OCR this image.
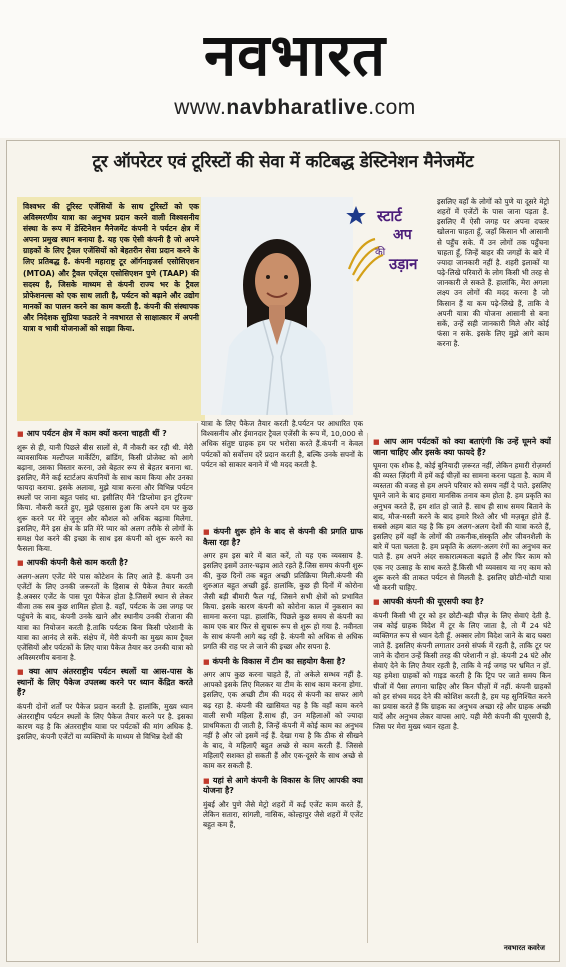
नवभारत
www.navbharatlive.com
टूर ऑपरेटर एवं टूरिस्टों की सेवा में कटिबद्ध डेस्टिनेशन मैनेजमेंट
विश्वभर की टूरिस्ट एजेंसियों के साथ टूरिस्टों को एक अविस्मरणीय यात्रा का अनुभव प्रदान करने वाली विश्वसनीय संस्था के रूप में डेस्टिनेशन मैनेजमेंट कंपनी ने पर्यटन क्षेत्र में अपना प्रमुख स्थान बनाया है. यह एक ऐसी कंपनी है जो अपने ग्राहकों के लिए ट्रैवल एजेंसियों को बेहतरीन सेवा प्रदान करने के लिए प्रतिबद्ध है. कंपनी महाराष्ट्र टूर ऑर्गनाइजर्स एसोसिएशन (MTOA) और ट्रैवल एजेंट्स एसोसिएशन पुणे (TAAP) की सदस्य है, जिसके माध्यम से कंपनी राज्य भर के ट्रैवल प्रोफेशनल्स को एक साथ लाती है, पर्यटन को बढ़ाने और उद्योग मानकों का पालन करने का काम करती है. कंपनी की संस्थापक और निदेशक सुप्रिया फडतरे ने नवभारत से साक्षात्कार में अपनी यात्रा व भावी योजनाओं को साझा किया.
स्टार्ट
अप
की
उड़ान
यात्रा के लिए पैकेज तैयार करती है.पर्यटन पर आधारित एक विश्वसनीय और ईमानदार ट्रैवल एजेंसी के रूप में, 10,000 से अधिक संतुष्ट ग्राहक हम पर भरोसा करते हैं.कंपनी न केवल पर्यटकों को सर्वोत्तम दरें प्रदान करती है, बल्कि उनके सपनों के पर्यटन को साकार बनाने में भी मदद करती है.
इसलिए वहाँ के लोगों को पुणे या दूसरे मेट्रो शहरों में एजेंटों के पास जाना पड़ता है. इसलिए मैं ऐसी जगह पर अपना दफ्तर खोलना चाहता हूँ, जहाँ किसान भी आसानी से पहुँच सके. मैं उन लोगों तक पहुँचना चाहता हूँ, जिन्हें बाहर की जगहों के बारे में ज्यादा जानकारी नहीं है. शहरी इलाकों या पढ़े-लिखे परिवारों के लोग किसी भी तरह से जानकारी ले सकते हैं. हालांकि, मेरा अगला लक्ष्य उन लोगों की मदद करना है जो किसान हैं या कम पढ़े-लिखे हैं, ताकि वे अपनी यात्रा की योजना आसानी से बना सकें, उन्हें सही जानकारी मिले और कोई फंसा न सके. इसके लिए मुझे आगे काम करना है.
■ आप पर्यटन क्षेत्र में काम क्यों करना चाहती थीं ?

शुरू से ही, यानी पिछले बीस सालों से, मैं नौकरी कर रही थी. मेरी व्यावसायिक मल्टीपल मार्केटिंग, ब्रांडिंग, किसी प्रोजेक्ट को आगे बढ़ाना, उसका विस्तार करना, उसे बेहतर रूप से बेहतर बनाना था. इसलिए, मैंने कई स्टार्टअप कंपनियों के साथ काम किया और उनका फायदा कराया. इसके अलावा, मुझे यात्रा करना और विभिन्न पर्यटन स्थलों पर जाना बहुत पसंद था. इसीलिए मैंने 'डिप्लोमा इन टूरिज्म' किया. नौकरी करते हुए, मुझे एहसास हुआ कि अपने दम पर कुछ शुरू करने पर मेरे जुनून और कौशल को अधिक बढ़ावा मिलेगा. इसलिए, मैंने इस क्षेत्र के प्रति मेरे प्यार को अलग तरीके से लोगों के समक्ष पेश करने की इच्छा के साथ इस कंपनी को शुरू करने का फैसला किया.

■ आपकी कंपनी कैसे काम करती है?

अलग-अलग एजेंट मेरे पास कोटेशन के लिए आते हैं. कंपनी उन एजेंटों के लिए उनकी जरूरतों के हिसाब से पैकेज तैयार करती है.अक्सर एजेंट के पास पूरा पैकेज होता है.जिसमें स्थान से लेकर वीजा तक सब कुछ शामिल होता है. वहाँ, पर्यटक के उस जगह पर पहुंचने के बाद, कंपनी उनके खाने और स्थानीय उनकी रोजाना की यात्रा का नियोजन करती है.ताकि पर्यटक बिना किसी परेशानी के यात्रा का आनंद ले सकें. संक्षेप में, मेरी कंपनी का मुख्य काम ट्रैवल एजेंसियों और पर्यटकों के लिए यात्रा पैकेज तैयार कर उनकी यात्रा को अविस्मरणीय बनाना है.

■ क्या आप अंतरराष्ट्रीय पर्यटन स्थलों या आस-पास के स्थानों के लिए पैकेज उपलब्ध करने पर ध्यान केंद्रित करते हैं?

कंपनी दोनों शर्तों पर पैकेज प्रदान करती है. हालांकि, मुख्य ध्यान अंतरराष्ट्रीय पर्यटन स्थलों के लिए पैकेज तैयार करने पर है. इसका कारण यह है कि अंतरराष्ट्रीय यात्रा पर पर्यटकों की मांग अधिक है. इसलिए, कंपनी एजेंटों या व्यक्तियों के माध्यम से विभिन्न देशों की

■ कंपनी शुरू होने के बाद से कंपनी की प्रगति ग्राफ कैसा रहा है?

अगर हम इस बारे में बात करें, तो यह एक व्यवसाय है. इसलिए इसमें उतार-चढ़ाव आते रहते हैं.जिस समय कंपनी शुरू की, कुछ दिनों तक बहुत अच्छी प्रतिक्रिया मिली.कंपनी की शुरुआत बहुत अच्छी हुई. हालांकि, कुछ ही दिनों में कोरोना जैसी बड़ी बीमारी फैल गई, जिसने सभी क्षेत्रों को प्रभावित किया. इसके कारण कंपनी को कोरोना काल में नुकसान का सामना करना पड़ा. हालांकि, पिछले कुछ समय से कंपनी का काम एक बार फिर से सुचारू रूप से शुरू हो गया है. नवीनता के साथ कंपनी आगे बढ़ रही है. कंपनी को अधिक से अधिक प्रगति की राह पर ले जाने की इच्छा और सपना है.

■ कंपनी के विकास में टीम का सहयोग कैसा है?

अगर आप कुछ करना चाहते हैं, तो अकेले सम्भव नहीं है. आपको इसके लिए मिलकर या टीम के साथ काम करना होगा. इसलिए, एक अच्छी टीम की मदद से कंपनी का सफर आगे बढ़ रहा है. कंपनी की खासियत यह है कि वहाँ काम करने वाली सभी महिला हैं.साथ ही, उन महिलाओं को ज्यादा प्राथमिकता दी जाती है, जिन्हें कंपनी में कोई काम का अनुभव नहीं है और जो इसमें नई हैं. देखा गया है कि ठीक से सीखने के बाद, वे महिलाएँ बहुत अच्छे से काम करती हैं. जिससे महिलाएँ सशक्त हो सकती हैं और एक-दूसरे के साथ अच्छे से काम कर सकती हैं.

■ यहां से आगे कंपनी के विकास के लिए आपकी क्या योजना है?

मुंबई और पुणे जैसे मेट्रो शहरों में कई एजेंट काम करते हैं, लेकिन सतारा, सांगली, नासिक, कोल्हापुर जैसे शहरों में एजेंट बहुत कम हैं,

■ आप आम पर्यटकों को क्या बताएंगी कि उन्हें घूमने क्यों जाना चाहिए और इसके क्या फायदे हैं?

घूमना एक शौक है, कोई बुनियादी ज़रूरत नहीं, लेकिन हमारी रोज़मर्रा की व्यस्त ज़िंदगी में हमें कई चीज़ों का सामना करना पड़ता है. काम में व्यस्तता की वजह से हम अपने परिवार को समय नहीं दे पाते. इसलिए घूमने जाने के बाद हमारा मानसिक तनाव कम होता है. हम प्रकृति का अनुभव करते हैं, हम शांत हो जाते हैं. साथ ही साथ समय बिताने के बाद, मौज-मस्ती करने के बाद हमारे रिश्ते और भी मज़बूत होते हैं. सबसे अहम बात यह है कि हम अलग-अलग देशों की यात्रा करते हैं, इसलिए हमें वहाँ के लोगों की तकनीक,संस्कृति और जीवनशैली के बारे में पता चलता है. हम प्रकृति के अलग-अलग रंगों का अनुभव कर पाते हैं. हम अपने अंदर सकारात्मकता बढ़ाते हैं और फिर काम को एक नए उत्साह के साथ करते हैं.किसी भी व्यवसाय या नए काम को शुरू करने की ताकत पर्यटन से मिलती है. इसलिए छोटी-मोटी यात्रा भी करनी चाहिए.

■ आपकी कंपनी की यूएसपी क्या है?

कंपनी किसी भी टूर को हर छोटी-बड़ी चीज़ के लिए सेवाएं देती है. जब कोई ग्राहक विदेश में टूर के लिए जाता है, तो मैं 24 घंटे व्यक्तिगत रूप से ध्यान देती हूँ. अक्सर लोग विदेश जाने के बाद घबरा जाते हैं. इसलिए कंपनी लगातार उनसे संपर्क में रहती है, ताकि टूर पर जाने के दौरान उन्हें किसी तरह की परेशानी न हो. कंपनी 24 घंटे और सेवाएं देने के लिए तैयार रहती है, ताकि वे नई जगह पर भ्रमित न हों. यह हमेशा ग्राहकों को गाइड करती है कि ट्रिप पर जाते समय किन चीजों में पैसा लगाना चाहिए और किन चीज़ों में नहीं. कंपनी ग्राहकों को हर संभव मदद देने की कोशिश करती है, हम यह सुनिश्चित करने का प्रयास करते हैं कि ग्राहक का अनुभव अच्छा रहे और ग्राहक अच्छी यादें और अनुभव लेकर वापस आएं. यही मेरी कंपनी की यूएसपी है, जिस पर मेरा मुख्य ध्यान रहता है.

नवभारत कवरेज
